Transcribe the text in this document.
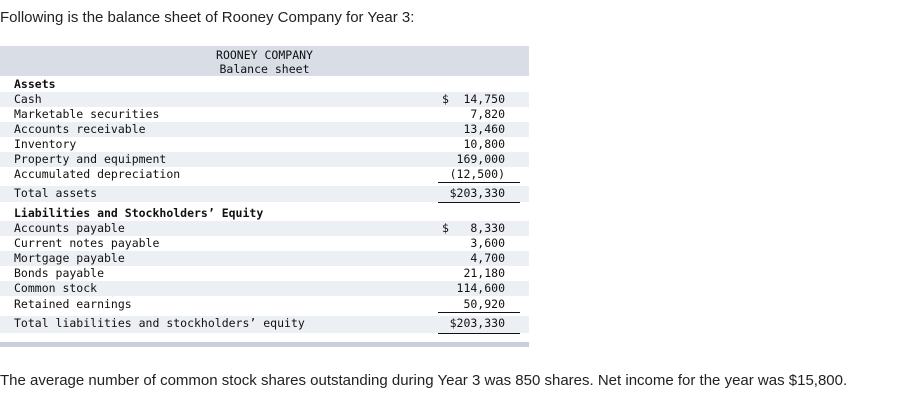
Following is the balance sheet of Rooney Company for Year 3:
ROONEY COMPANY
Balance sheet
Assets
Cash	$ 14,750
Marketable securities	7,820
Accounts receivable	13,460
Inventory	10,800
Property and equipment	169,000
Accumulated depreciation	(12,500)
Total assets	$203,330
Liabilities and Stockholders’ Equity
Accounts payable	$ 8,330
Current notes payable	3,600
Mortgage payable	4,700
Bonds payable	21,180
Common stock	114,600
Retained earnings	50,920
Total liabilities and stockholders’ equity	$203,330
The average number of common stock shares outstanding during Year 3 was 850 shares. Net income for the year was $15,800.
